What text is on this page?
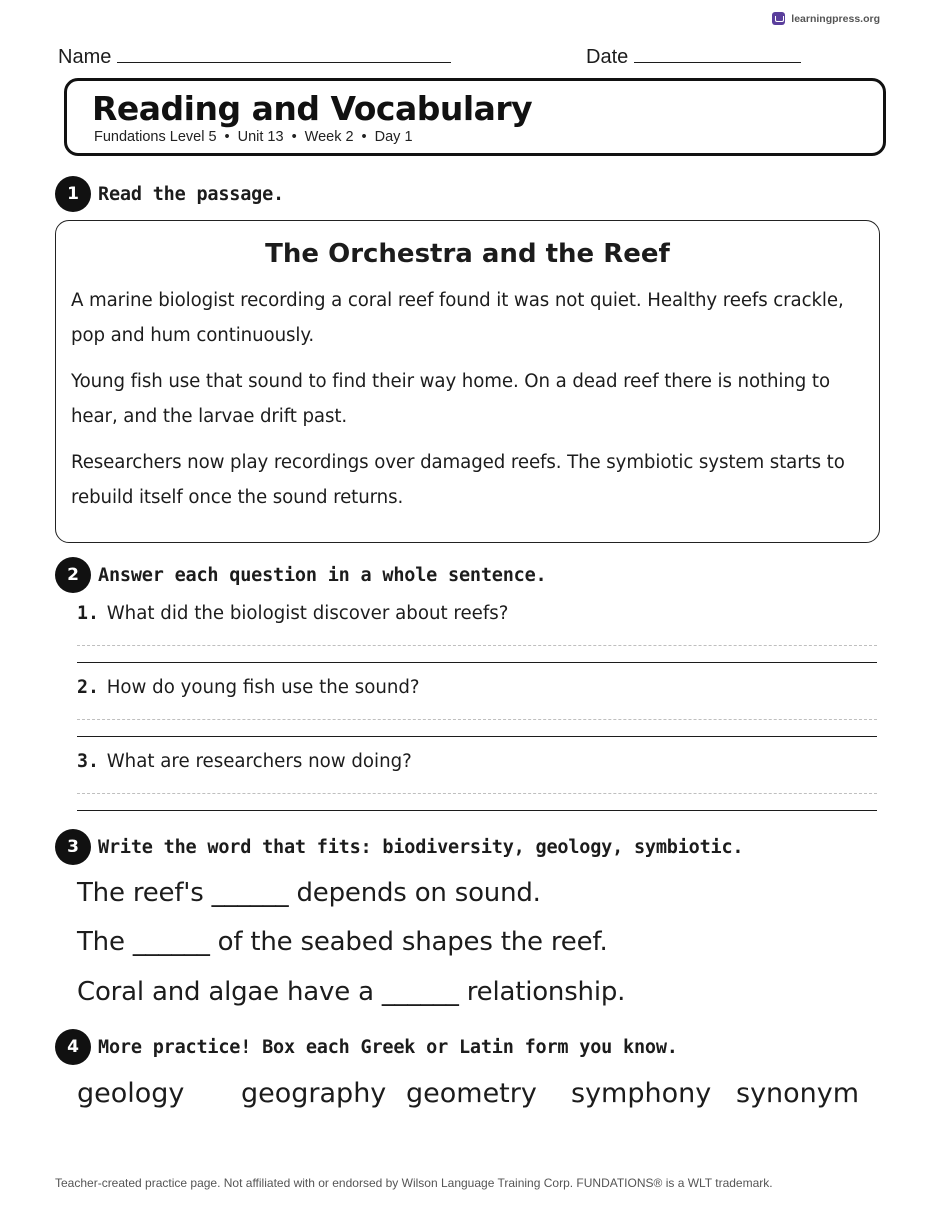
learningpress.org
Name	Date
Reading and Vocabulary
Fundations Level 5 • Unit 13 • Week 2 • Day 1
1	Read the passage.
The Orchestra and the Reef
A marine biologist recording a coral reef found it was not quiet. Healthy reefs crackle, pop and hum continuously.
Young fish use that sound to find their way home. On a dead reef there is nothing to hear, and the larvae drift past.
Researchers now play recordings over damaged reefs. The symbiotic system starts to rebuild itself once the sound returns.
2	Answer each question in a whole sentence.
1. What did the biologist discover about reefs?
2. How do young fish use the sound?
3. What are researchers now doing?
3	Write the word that fits: biodiversity, geology, symbiotic.
The reef's ______ depends on sound.
The ______ of the seabed shapes the reef.
Coral and algae have a ______ relationship.
4	More practice! Box each Greek or Latin form you know.
geology geography geometry symphony synonym
Teacher-created practice page. Not affiliated with or endorsed by Wilson Language Training Corp. FUNDATIONS® is a WLT trademark.
